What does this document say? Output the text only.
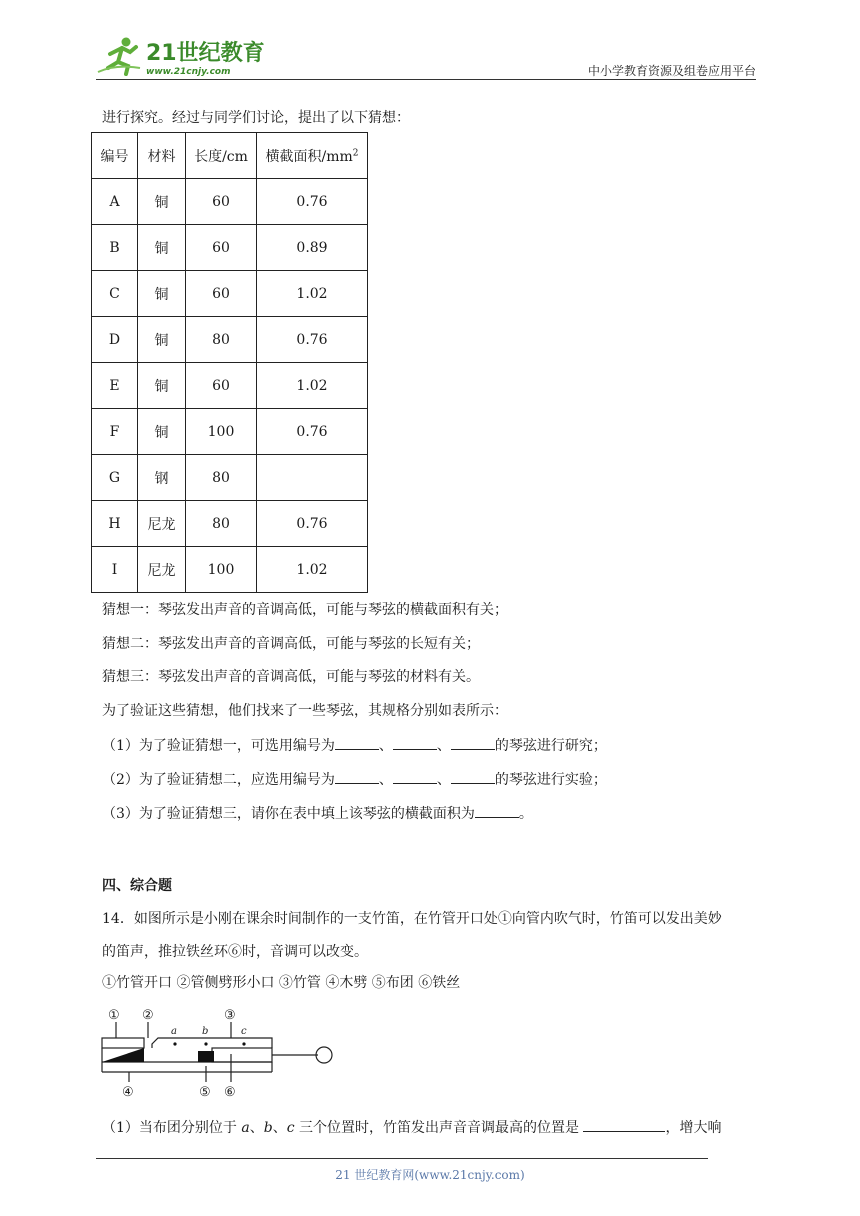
21世纪教育
www.21cnjy.com	中小学教育资源及组卷应用平台
进行探究。经过与同学们讨论，提出了以下猜想：
编号	材料	长度/cm	横截面积$/mm^2$
A	铜	60	0.76
B	铜	60	0.89
C	铜	60	1.02
D	铜	80	0.76
E	铜	60	1.02
F	铜	100	0.76
G	钢	80	
H	尼龙	80	0.76
I	尼龙	100	1.02
猜想一：琴弦发出声音的音调高低，可能与琴弦的横截面积有关；
猜想二：琴弦发出声音的音调高低，可能与琴弦的长短有关；
猜想三：琴弦发出声音的音调高低，可能与琴弦的材料有关。
为了验证这些猜想，他们找来了一些琴弦，其规格分别如表所示：
（1）为了验证猜想一，可选用编号为	、	、	的琴弦进行研究；
（2）为了验证猜想二，应选用编号为	、	、	的琴弦进行实验；
（3）为了验证猜想三，请你在表中填上该琴弦的横截面积为	。
四、综合题
14．如图所示是小刚在课余时间制作的一支竹笛，在竹管开口处①向管内吹气时，竹笛可以发出美妙
的笛声，推拉铁丝环⑥时，音调可以改变。
①竹管开口 ②管侧劈形小口 ③竹管 ④木劈 ⑤布团 ⑥铁丝
① ②	③
④	⑤ ⑥
a	b	c
（1）当布团分别位于 a、b、c 三个位置时，竹笛发出声音音调最高的位置是	，增大响
21 世纪教育网(www.21cnjy.com)
